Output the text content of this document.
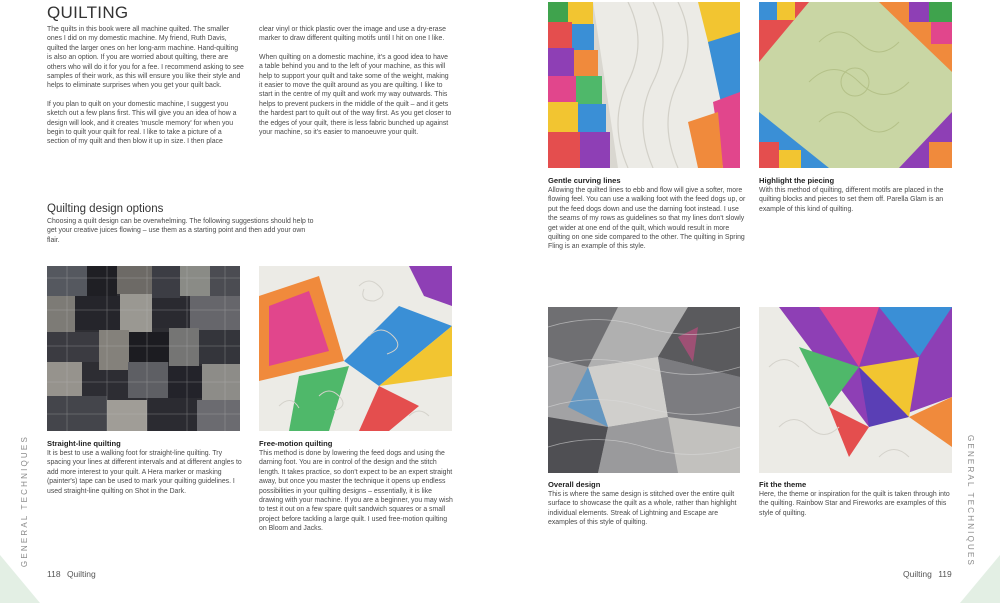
QUILTING

The quilts in this book were all machine quilted. The smaller ones I did on my domestic machine. My friend, Ruth Davis, quilted the larger ones on her long-arm machine. Hand-quilting is also an option. If you are worried about quilting, there are others who will do it for you for a fee. I recommend asking to see samples of their work, as this will ensure you like their style and helps to eliminate surprises when you get your quilt back.

If you plan to quilt on your domestic machine, I suggest you sketch out a few plans first. This will give you an idea of how a design will look, and it creates 'muscle memory' for when you begin to quilt your quilt for real. I like to take a picture of a section of my quilt and then blow it up in size. I then place

clear vinyl or thick plastic over the image and use a dry-erase marker to draw different quilting motifs until I hit on one I like.

When quilting on a domestic machine, it's a good idea to have a table behind you and to the left of your machine, as this will help to support your quilt and take some of the weight, making it easier to move the quilt around as you are quilting. I like to start in the centre of my quilt and work my way outwards. This helps to prevent puckers in the middle of the quilt – and it gets the hardest part to quilt out of the way first. As you get closer to the edges of your quilt, there is less fabric bunched up against your machine, so it's easier to manoeuvre your quilt.

Quilting design options

Choosing a quilt design can be overwhelming. The following suggestions should help to get your creative juices flowing – use them as a starting point and then add your own flair.

Straight-line quilting

It is best to use a walking foot for straight-line quilting. Try spacing your lines at different intervals and at different angles to add more interest to your quilt. A Hera marker or masking (painter's) tape can be used to mark your quilting guidelines. I used straight-line quilting on Shot in the Dark.

Free-motion quilting

This method is done by lowering the feed dogs and using the darning foot. You are in control of the design and the stitch length. It takes practice, so don't expect to be an expert straight away, but once you master the technique it opens up endless possibilities in your quilting designs – essentially, it is like drawing with your machine. If you are a beginner, you may wish to test it out on a few spare quilt sandwich squares or a small project before tackling a large quilt. I used free-motion quilting on Bloom and Jacks.

GENERAL TECHNIQUES
118 Quilting
Gentle curving lines

Allowing the quilted lines to ebb and flow will give a softer, more flowing feel. You can use a walking foot with the feed dogs up, or put the feed dogs down and use the darning foot instead. I use the seams of my rows as guidelines so that my lines don't slowly get wider at one end of the quilt, which would result in more quilting on one side compared to the other. The quilting in Spring Fling is an example of this style.

Highlight the piecing

With this method of quilting, different motifs are placed in the quilting blocks and pieces to set them off. Parella Glam is an example of this kind of quilting.

Overall design

This is where the same design is stitched over the entire quilt surface to showcase the quilt as a whole, rather than highlight individual elements. Streak of Lightning and Escape are examples of this style of quilting.

Fit the theme

Here, the theme or inspiration for the quilt is taken through into the quilting. Rainbow Star and Fireworks are examples of this style of quilting.	GENERAL TECHNIQUES
Quilting 119
